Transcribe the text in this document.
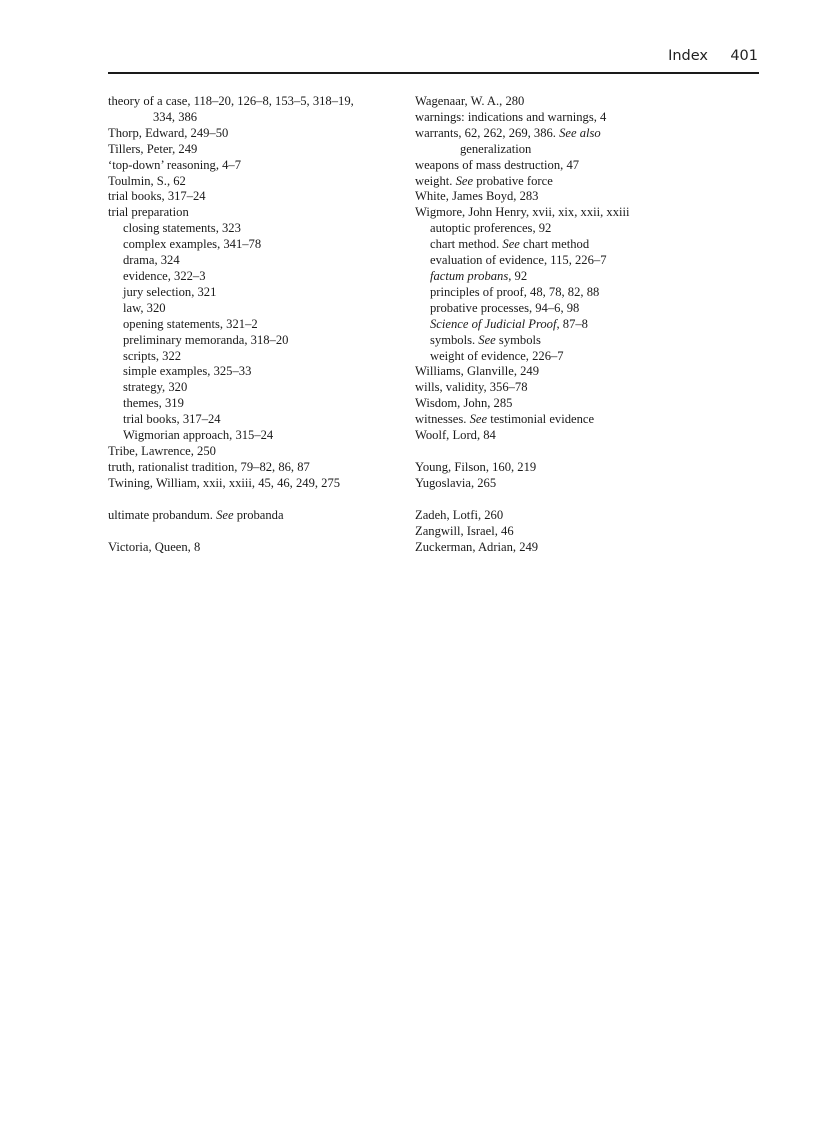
Index 401
theory of a case, 118–20, 126–8, 153–5, 318–19,
334, 386
Thorp, Edward, 249–50
Tillers, Peter, 249
‘top-down’ reasoning, 4–7
Toulmin, S., 62
trial books, 317–24
trial preparation
closing statements, 323
complex examples, 341–78
drama, 324
evidence, 322–3
jury selection, 321
law, 320
opening statements, 321–2
preliminary memoranda, 318–20
scripts, 322
simple examples, 325–33
strategy, 320
themes, 319
trial books, 317–24
Wigmorian approach, 315–24
Tribe, Lawrence, 250
truth, rationalist tradition, 79–82, 86, 87
Twining, William, xxii, xxiii, 45, 46, 249, 275
ultimate probandum. See probanda
Victoria, Queen, 8
Wagenaar, W. A., 280
warnings: indications and warnings, 4
warrants, 62, 262, 269, 386. See also
generalization
weapons of mass destruction, 47
weight. See probative force
White, James Boyd, 283
Wigmore, John Henry, xvii, xix, xxii, xxiii
autoptic proferences, 92
chart method. See chart method
evaluation of evidence, 115, 226–7
factum probans, 92
principles of proof, 48, 78, 82, 88
probative processes, 94–6, 98
Science of Judicial Proof, 87–8
symbols. See symbols
weight of evidence, 226–7
Williams, Glanville, 249
wills, validity, 356–78
Wisdom, John, 285
witnesses. See testimonial evidence
Woolf, Lord, 84
Young, Filson, 160, 219
Yugoslavia, 265
Zadeh, Lotfi, 260
Zangwill, Israel, 46
Zuckerman, Adrian, 249
